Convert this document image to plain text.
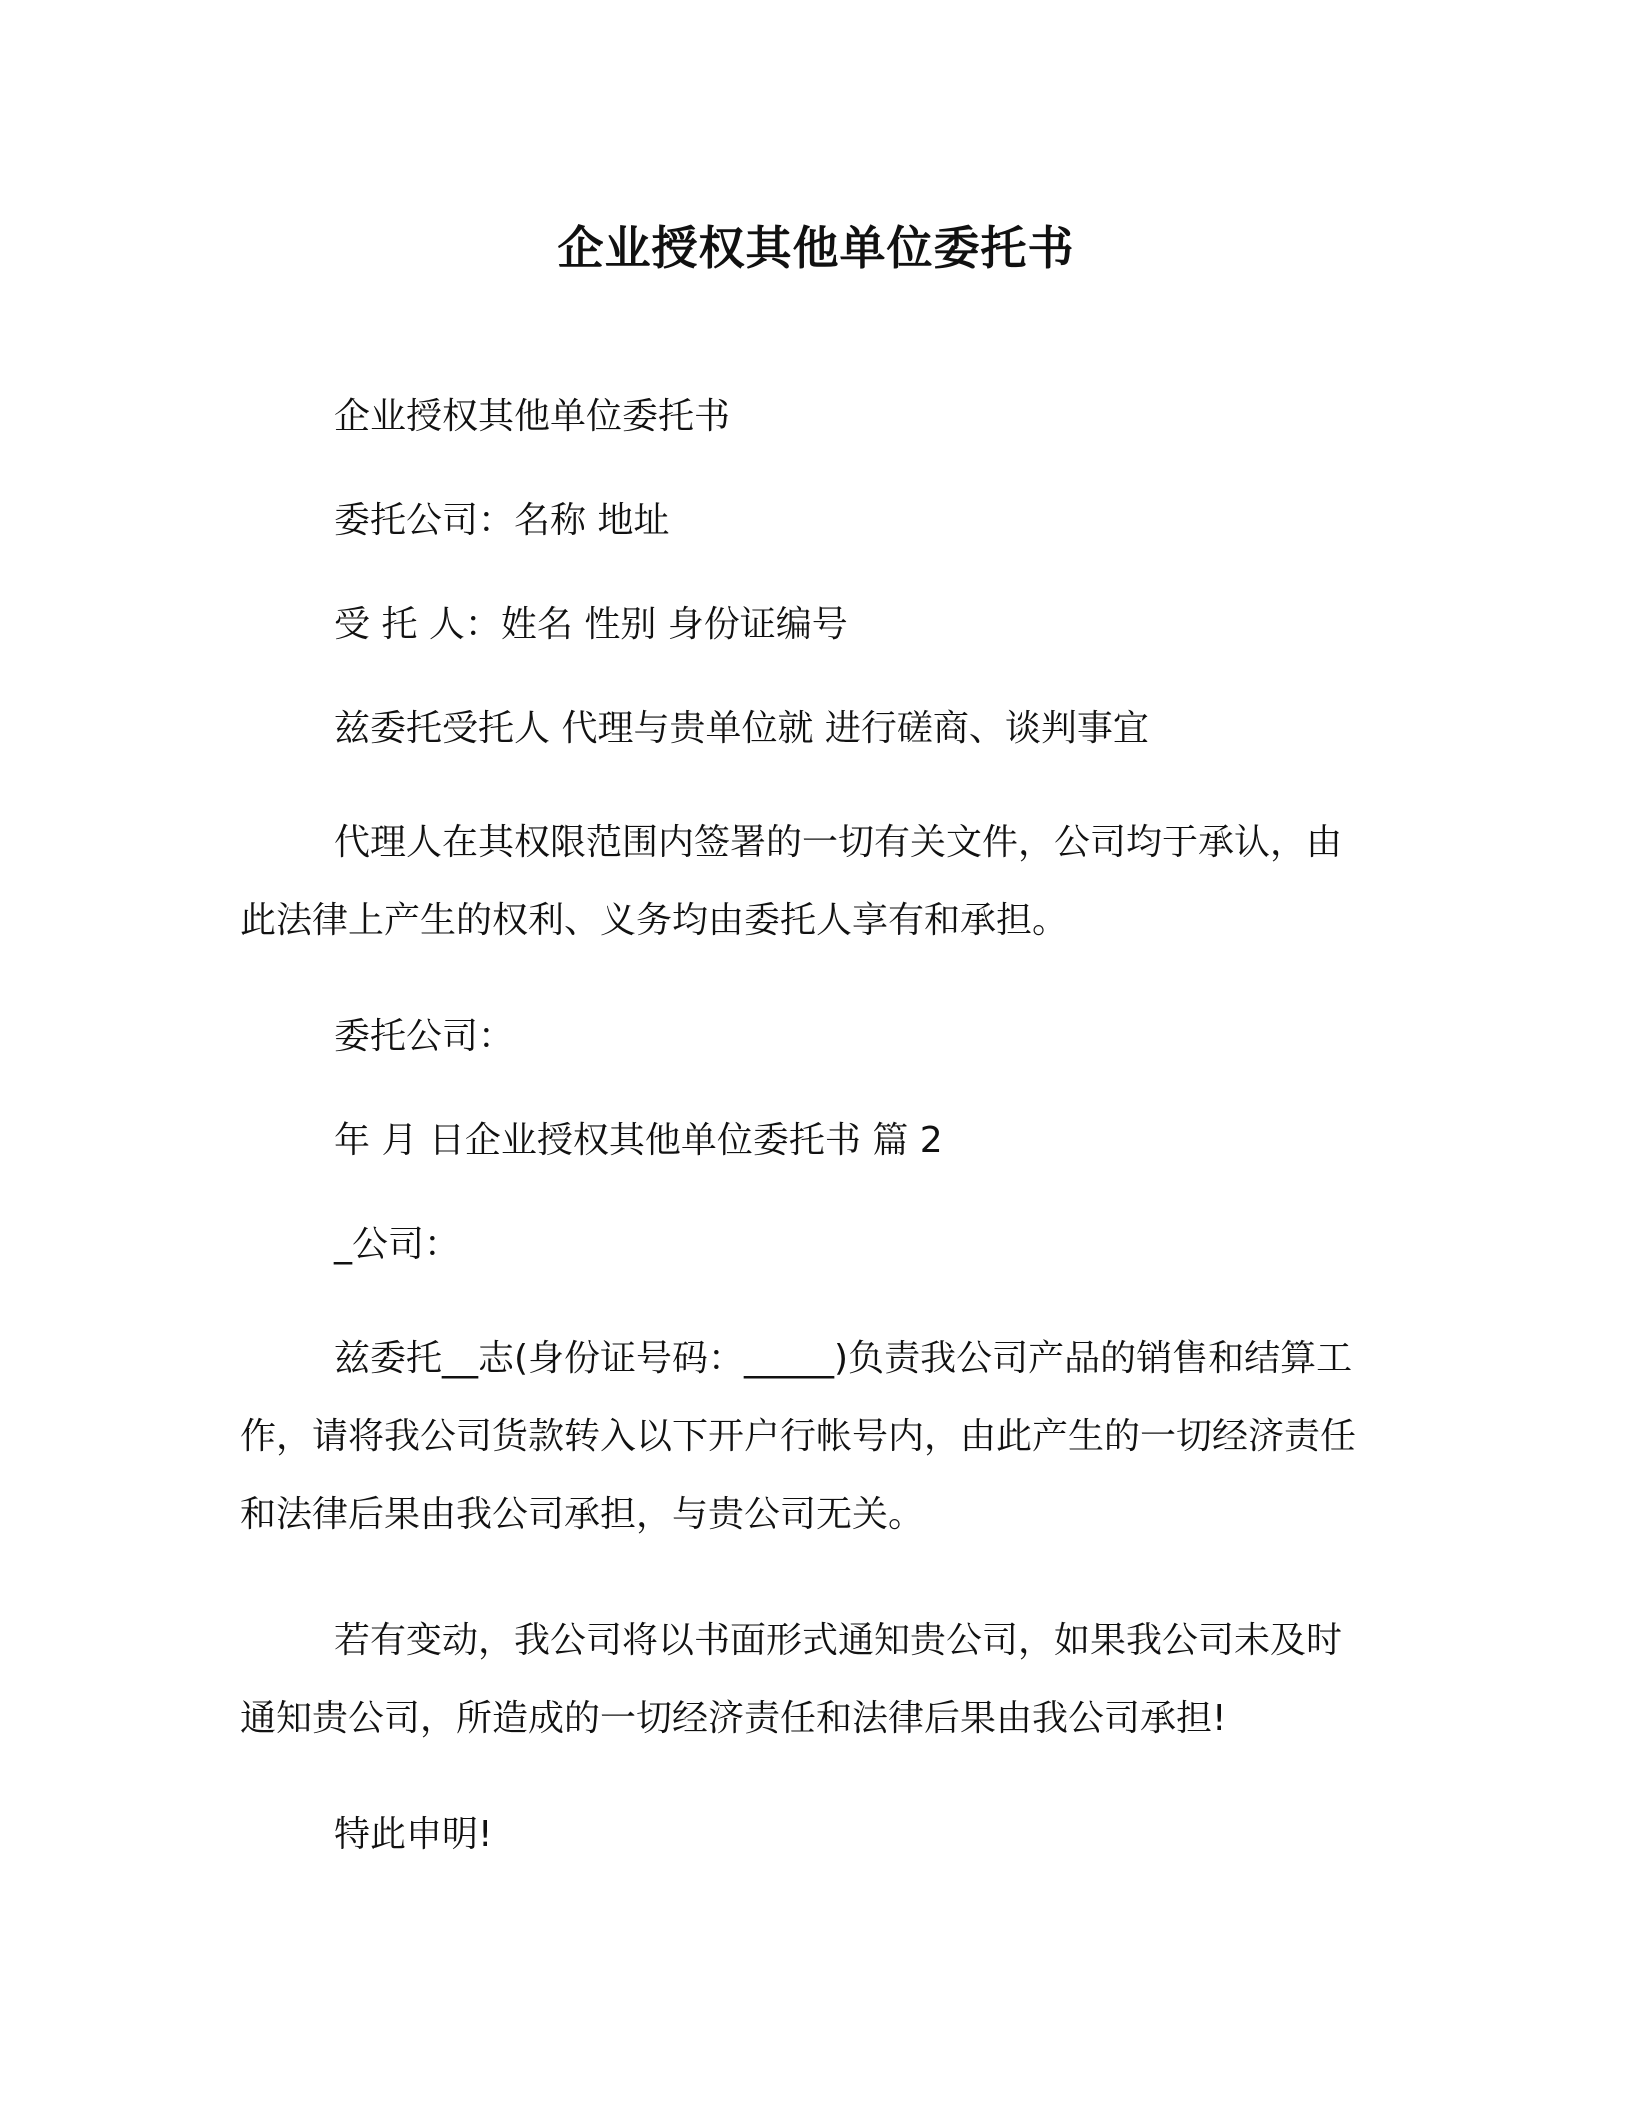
企业授权其他单位委托书

企业授权其他单位委托书

委托公司：名称 地址

受 托 人：姓名 性别 身份证编号

兹委托受托人 代理与贵单位就 进行磋商、谈判事宜

代理人在其权限范围内签署的一切有关文件，公司均于承认，由此法律上产生的权利、义务均由委托人享有和承担。

委托公司：

年 月 日企业授权其他单位委托书 篇 2

_公司：

兹委托__志(身份证号码：_____)负责我公司产品的销售和结算工作，请将我公司货款转入以下开户行帐号内，由此产生的一切经济责任和法律后果由我公司承担，与贵公司无关。

若有变动，我公司将以书面形式通知贵公司，如果我公司未及时通知贵公司，所造成的一切经济责任和法律后果由我公司承担!

特此申明!
